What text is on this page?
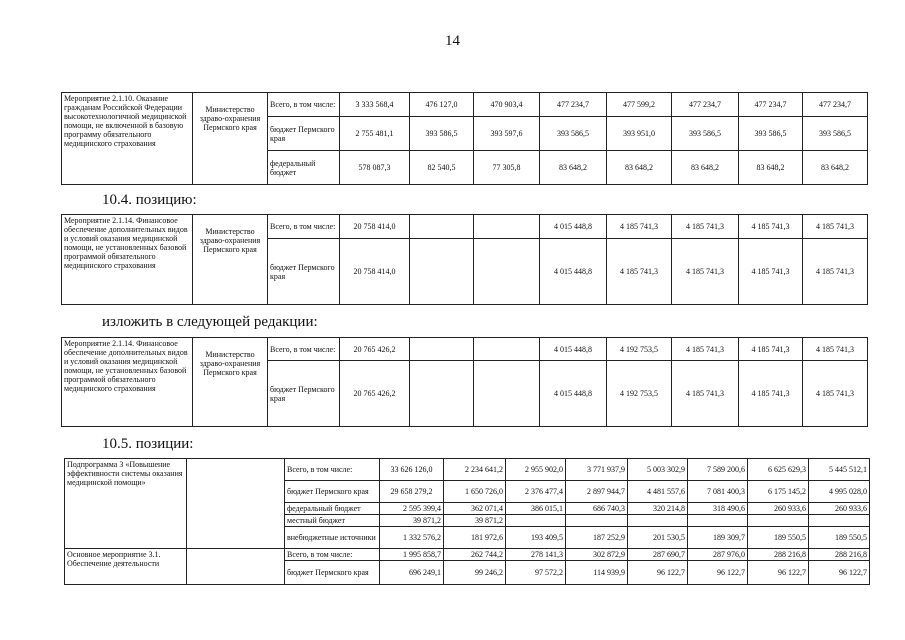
14
Мероприятие 2.1.10. Оказание гражданам Российской Федерации высокотехнологичной медицинской помощи, не включенной в базовую программу обязательного медицинского страхования	Министерство здраво-охранения Пермского края	Всего, в том числе:	3 333 568,4	476 127,0	470 903,4	477 234,7	477 599,2	477 234,7	477 234,7	477 234,7
		бюджет Пермского края	2 755 481,1	393 586,5	393 597,6	393 586,5	393 951,0	393 586,5	393 586,5	393 586,5
		федеральный бюджет	578 087,3	82 540,5	77 305,8	83 648,2	83 648,2	83 648,2	83 648,2	83 648,2
10.4. позицию:
Мероприятие 2.1.14. Финансовое обеспечение дополнительных видов и условий оказания медицинской помощи, не установленных базовой программой обязательного медицинского страхования	Министерство здраво-охранения Пермского края	Всего, в том числе:	20 758 414,0			4 015 448,8	4 185 741,3	4 185 741,3	4 185 741,3	4 185 741,3
		бюджет Пермского края	20 758 414,0			4 015 448,8	4 185 741,3	4 185 741,3	4 185 741,3	4 185 741,3
изложить в следующей редакции:
Мероприятие 2.1.14. Финансовое обеспечение дополнительных видов и условий оказания медицинской помощи, не установленных базовой программой обязательного медицинского страхования	Министерство здраво-охранения Пермского края	Всего, в том числе:	20 765 426,2			4 015 448,8	4 192 753,5	4 185 741,3	4 185 741,3	4 185 741,3
		бюджет Пермского края	20 765 426,2			4 015 448,8	4 192 753,5	4 185 741,3	4 185 741,3	4 185 741,3
10.5. позиции:
Подпрограмма 3 «Повышение эффективности системы оказания медицинской помощи»		Всего, в том числе:	33 626 126,0	2 234 641,2	2 955 902,0	3 771 937,9	5 003 302,9	7 589 200,6	6 625 629,3	5 445 512,1
		бюджет Пермского края	29 658 279,2	1 650 726,0	2 376 477,4	2 897 944,7	4 481 557,6	7 081 400,3	6 175 145,2	4 995 028,0
		федеральный бюджет	2 595 399,4	362 071,4	386 015,1	686 740,3	320 214,8	318 490,6	260 933,6	260 933,6
		местный бюджет	39 871,2	39 871,2						
		внебюджетные источники	1 332 576,2	181 972,6	193 409,5	187 252,9	201 530,5	189 309,7	189 550,5	189 550,5
Основное мероприятие 3.1. Обеспечение деятельности		Всего, в том числе:	1 995 858,7	262 744,2	278 141,3	302 872,9	287 690,7	287 976,0	288 216,8	288 216,8
		бюджет Пермского края	696 249,1	99 246,2	97 572,2	114 939,9	96 122,7	96 122,7	96 122,7	96 122,7
